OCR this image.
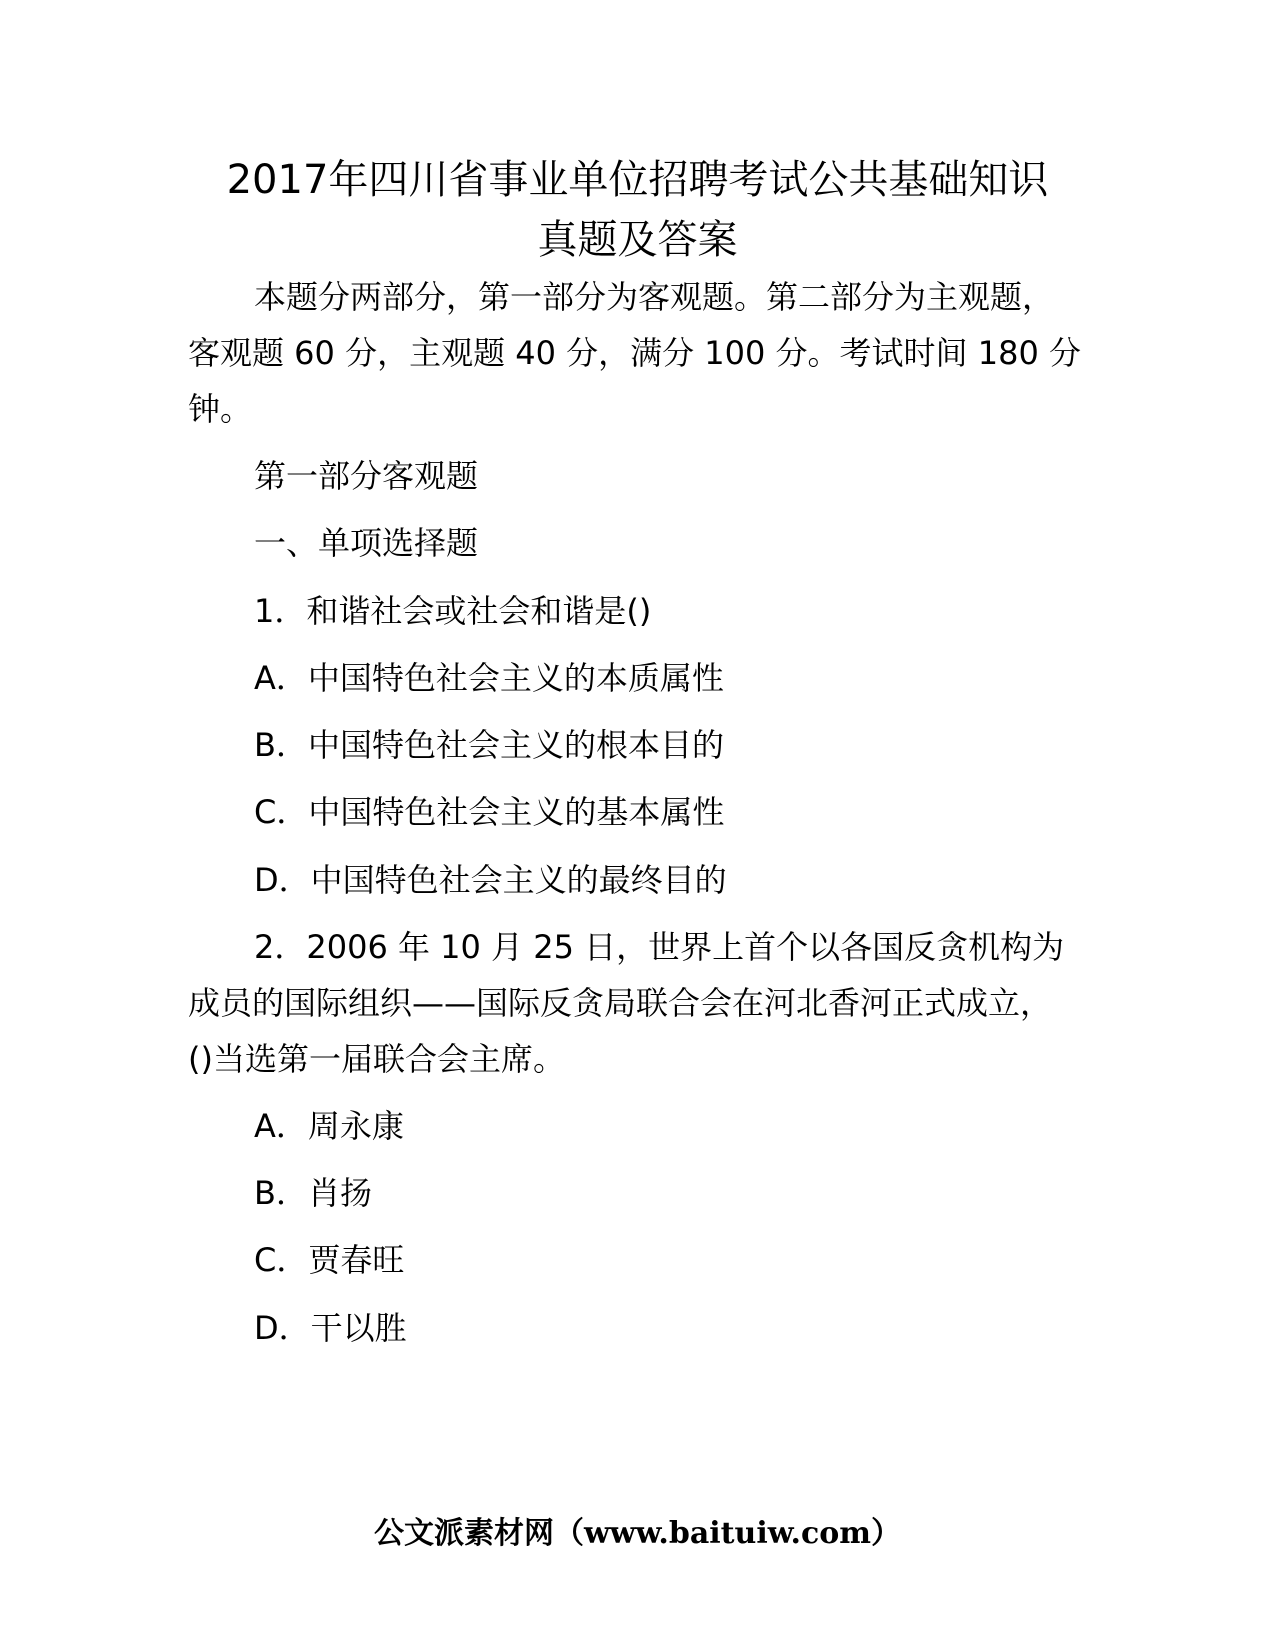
2017年四川省事业单位招聘考试公共基础知识
真题及答案

本题分两部分，第一部分为客观题。第二部分为主观题，

客观题 60 分，主观题 40 分，满分 100 分。考试时间 180 分

钟。

第一部分客观题

一、单项选择题

1．和谐社会或社会和谐是()

A．中国特色社会主义的本质属性

B．中国特色社会主义的根本目的

C．中国特色社会主义的基本属性

D．中国特色社会主义的最终目的

2．2006 年 10 月 25 日，世界上首个以各国反贪机构为

成员的国际组织——国际反贪局联合会在河北香河正式成立，

()当选第一届联合会主席。

A．周永康

B．肖扬

C．贾春旺

D．干以胜

公文派素材网（www.baituiw.com）
